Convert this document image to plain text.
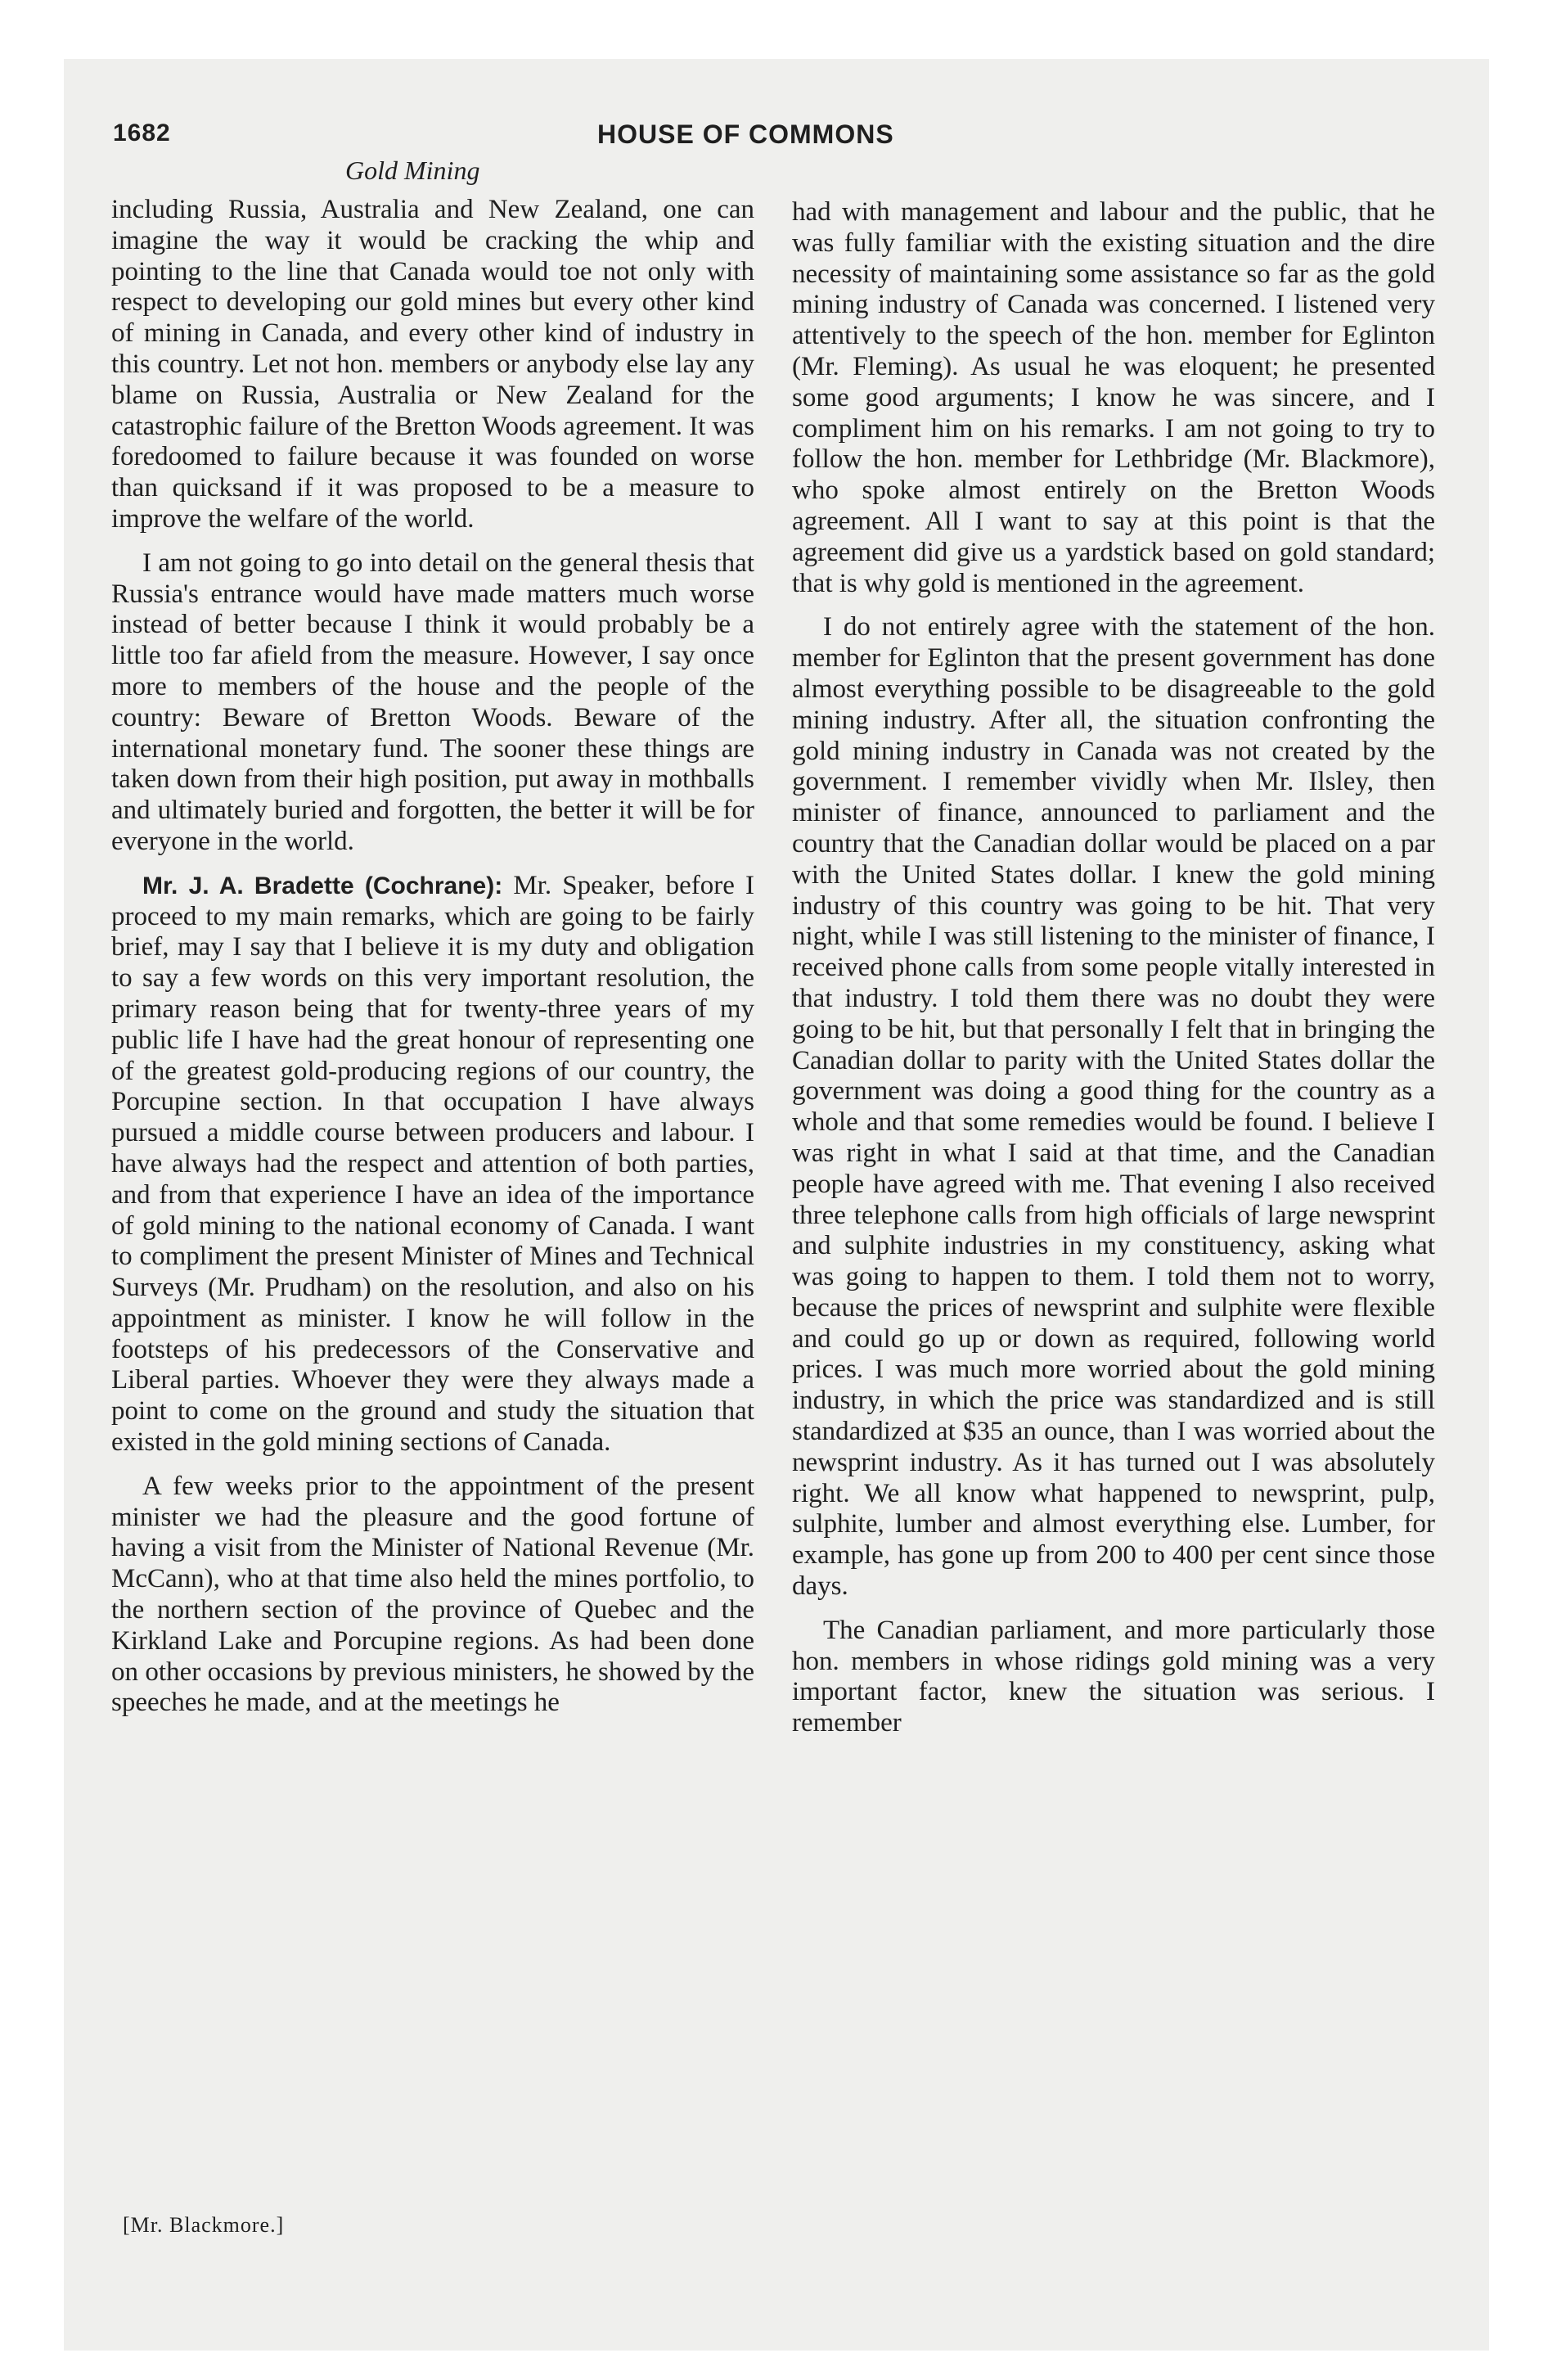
1682	HOUSE OF COMMONS
Gold Mining

including Russia, Australia and New Zealand, one can imagine the way it would be cracking the whip and pointing to the line that Canada would toe not only with respect to developing our gold mines but every other kind of mining in Canada, and every other kind of industry in this country. Let not hon. members or anybody else lay any blame on Russia, Australia or New Zealand for the catastrophic failure of the Bretton Woods agreement. It was foredoomed to failure because it was founded on worse than quicksand if it was proposed to be a measure to improve the welfare of the world.

I am not going to go into detail on the general thesis that Russia's entrance would have made matters much worse instead of better because I think it would probably be a little too far afield from the measure. However, I say once more to members of the house and the people of the country: Beware of Bretton Woods. Beware of the international monetary fund. The sooner these things are taken down from their high position, put away in mothballs and ultimately buried and forgotten, the better it will be for everyone in the world.

Mr. J. A. Bradette (Cochrane): Mr. Speaker, before I proceed to my main remarks, which are going to be fairly brief, may I say that I believe it is my duty and obligation to say a few words on this very important resolution, the primary reason being that for twenty-three years of my public life I have had the great honour of representing one of the greatest gold-producing regions of our country, the Porcupine section. In that occupation I have always pursued a middle course between producers and labour. I have always had the respect and attention of both parties, and from that experience I have an idea of the importance of gold mining to the national economy of Canada. I want to compliment the present Minister of Mines and Technical Surveys (Mr. Prudham) on the resolution, and also on his appointment as minister. I know he will follow in the footsteps of his predecessors of the Conservative and Liberal parties. Whoever they were they always made a point to come on the ground and study the situation that existed in the gold mining sections of Canada.

A few weeks prior to the appointment of the present minister we had the pleasure and the good fortune of having a visit from the Minister of National Revenue (Mr. McCann), who at that time also held the mines portfolio, to the northern section of the province of Quebec and the Kirkland Lake and Porcupine regions. As had been done on other occasions by previous ministers, he showed by the speeches he made, and at the meetings he

had with management and labour and the public, that he was fully familiar with the existing situation and the dire necessity of maintaining some assistance so far as the gold mining industry of Canada was concerned. I listened very attentively to the speech of the hon. member for Eglinton (Mr. Fleming). As usual he was eloquent; he presented some good arguments; I know he was sincere, and I compliment him on his remarks. I am not going to try to follow the hon. member for Lethbridge (Mr. Blackmore), who spoke almost entirely on the Bretton Woods agreement. All I want to say at this point is that the agreement did give us a yardstick based on gold standard; that is why gold is mentioned in the agreement.

I do not entirely agree with the statement of the hon. member for Eglinton that the present government has done almost everything possible to be disagreeable to the gold mining industry. After all, the situation confronting the gold mining industry in Canada was not created by the government. I remember vividly when Mr. Ilsley, then minister of finance, announced to parliament and the country that the Canadian dollar would be placed on a par with the United States dollar. I knew the gold mining industry of this country was going to be hit. That very night, while I was still listening to the minister of finance, I received phone calls from some people vitally interested in that industry. I told them there was no doubt they were going to be hit, but that personally I felt that in bringing the Canadian dollar to parity with the United States dollar the government was doing a good thing for the country as a whole and that some remedies would be found. I believe I was right in what I said at that time, and the Canadian people have agreed with me. That evening I also received three telephone calls from high officials of large newsprint and sulphite industries in my constituency, asking what was going to happen to them. I told them not to worry, because the prices of newsprint and sulphite were flexible and could go up or down as required, following world prices. I was much more worried about the gold mining industry, in which the price was standardized and is still standardized at $35 an ounce, than I was worried about the newsprint industry. As it has turned out I was absolutely right. We all know what happened to newsprint, pulp, sulphite, lumber and almost everything else. Lumber, for example, has gone up from 200 to 400 per cent since those days.

The Canadian parliament, and more particularly those hon. members in whose ridings gold mining was a very important factor, knew the situation was serious. I remember

[Mr. Blackmore.]
